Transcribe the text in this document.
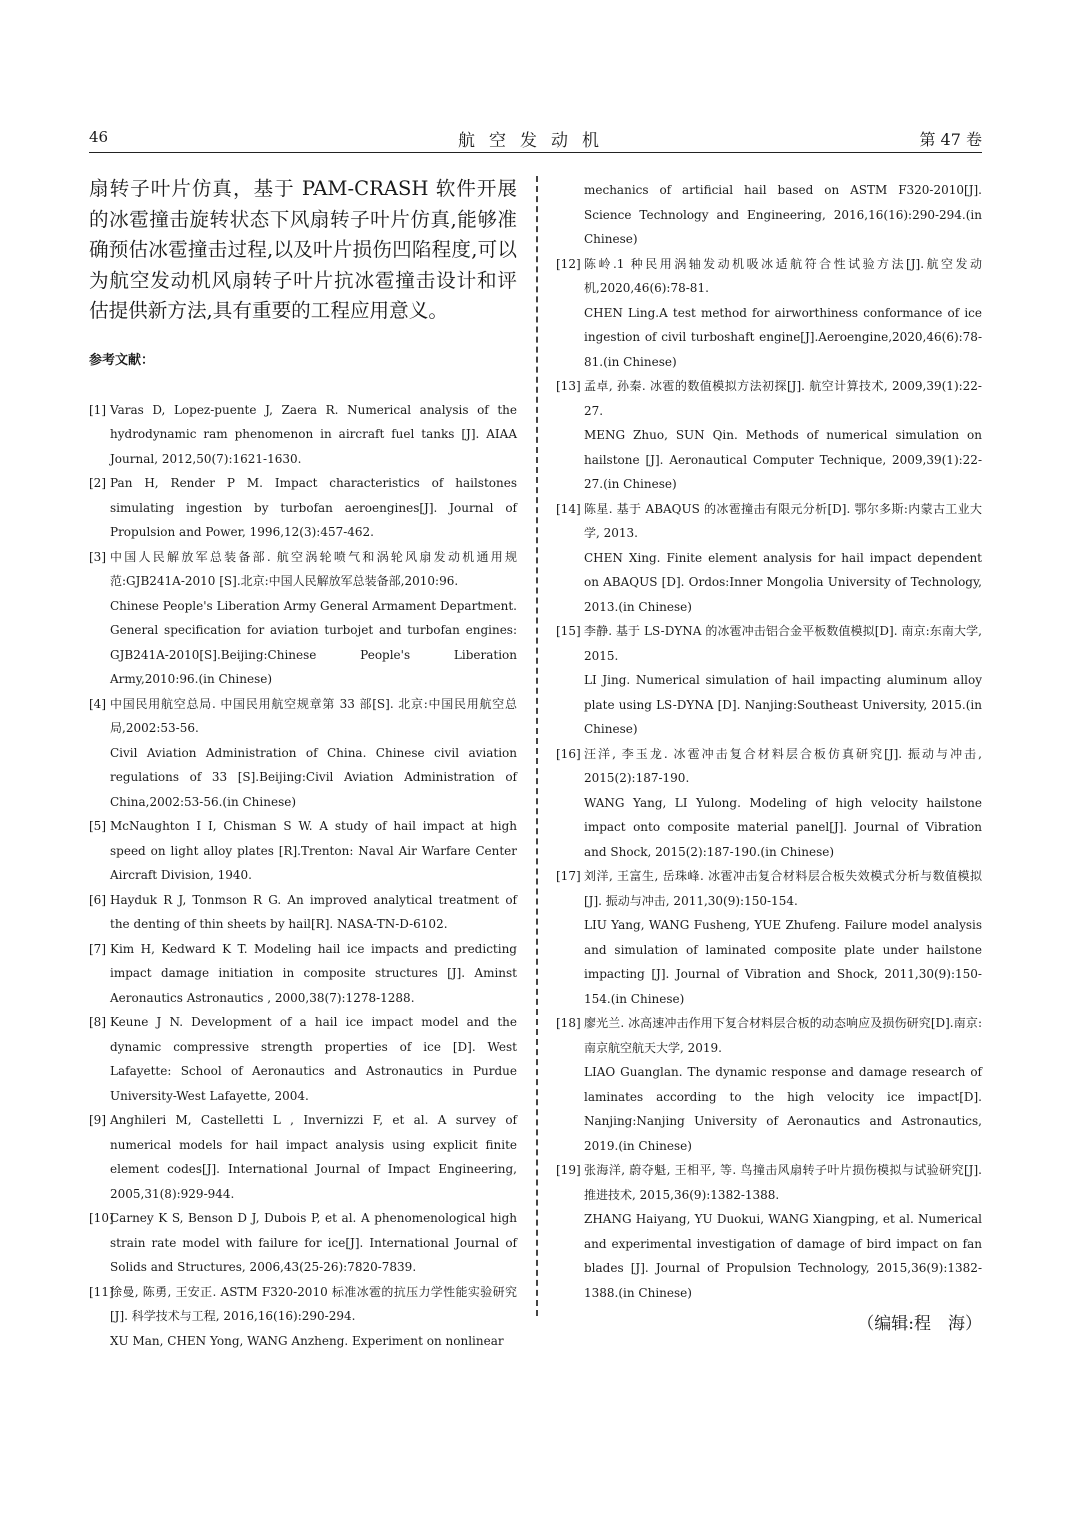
46	航空发动机	第 47 卷

扇转子叶片仿真，基于 PAM-CRASH 软件开展的冰雹撞击旋转状态下风扇转子叶片仿真,能够准确预估冰雹撞击过程,以及叶片损伤凹陷程度,可以为航空发动机风扇转子叶片抗冰雹撞击设计和评估提供新方法,具有重要的工程应用意义。

参考文献：
[1] Varas D, Lopez-puente J, Zaera R. Numerical analysis of the hydrodynamic ram phenomenon in aircraft fuel tanks [J]. AIAA Journal, 2012,50(7):1621-1630.

[2] Pan H, Render P M. Impact characteristics of hailstones simulating ingestion by turbofan aeroengines[J]. Journal of Propulsion and Power, 1996,12(3):457-462.

[3] 中国人民解放军总装备部. 航空涡轮喷气和涡轮风扇发动机通用规范:GJB241A-2010 [S].北京:中国人民解放军总装备部,2010:96.

Chinese People's Liberation Army General Armament Department. General specification for aviation turbojet and turbofan engines: GJB241A-2010[S].Beijing:Chinese People's Liberation Army,2010:96.(in Chinese)

[4] 中国民用航空总局. 中国民用航空规章第 33 部[S]. 北京:中国民用航空总局,2002:53-56.

Civil Aviation Administration of China. Chinese civil aviation regulations of 33 [S].Beijing:Civil Aviation Administration of China,2002:53-56.(in Chinese)

[5] McNaughton I I, Chisman S W. A study of hail impact at high speed on light alloy plates [R].Trenton: Naval Air Warfare Center Aircraft Division, 1940.

[6] Hayduk R J, Tonmson R G. An improved analytical treatment of the denting of thin sheets by hail[R]. NASA-TN-D-6102.

[7] Kim H, Kedward K T. Modeling hail ice impacts and predicting impact damage initiation in composite structures [J]. Aminst Aeronautics Astronautics , 2000,38(7):1278-1288.

[8] Keune J N. Development of a hail ice impact model and the dynamic compressive strength properties of ice [D]. West Lafayette: School of Aeronautics and Astronautics in Purdue University-West Lafayette, 2004.

[9] Anghileri M, Castelletti L , Invernizzi F, et al. A survey of numerical models for hail impact analysis using explicit finite element codes[J]. International Journal of Impact Engineering, 2005,31(8):929-944.

[10]

Carney K S, Benson D J, Dubois P, et al. A phenomenological high strain rate model with failure for ice[J]. International Journal of Solids and Structures, 2006,43(25-26):7820-7839.

[11]

徐曼, 陈勇, 王安正. ASTM F320-2010 标准冰雹的抗压力学性能实验研究[J]. 科学技术与工程, 2016,16(16):290-294.

XU Man, CHEN Yong, WANG Anzheng. Experiment on nonlinear

mechanics of artificial hail based on ASTM F320-2010[J]. Science Technology and Engineering, 2016,16(16):290-294.(in Chinese)

[12] 陈岭.1 种民用涡轴发动机吸冰适航符合性试验方法[J].航空发动机,2020,46(6):78-81.

CHEN Ling.A test method for airworthiness conformance of ice ingestion of civil turboshaft engine[J].Aeroengine,2020,46(6):78-81.(in Chinese)

[13] 孟卓, 孙秦. 冰雹的数值模拟方法初探[J]. 航空计算技术, 2009,39(1):22-27.

MENG Zhuo, SUN Qin. Methods of numerical simulation on hailstone [J]. Aeronautical Computer Technique, 2009,39(1):22-27.(in Chinese)

[14] 陈星. 基于 ABAQUS 的冰雹撞击有限元分析[D]. 鄂尔多斯:内蒙古工业大学, 2013.

CHEN Xing. Finite element analysis for hail impact dependent on ABAQUS [D]. Ordos:Inner Mongolia University of Technology, 2013.(in Chinese)

[15] 李静. 基于 LS-DYNA 的冰雹冲击铝合金平板数值模拟[D]. 南京:东南大学, 2015.

LI Jing. Numerical simulation of hail impacting aluminum alloy plate using LS-DYNA [D]. Nanjing:Southeast University, 2015.(in Chinese)

[16] 汪洋, 李玉龙. 冰雹冲击复合材料层合板仿真研究[J]. 振动与冲击, 2015(2):187-190.

WANG Yang, LI Yulong. Modeling of high velocity hailstone impact onto composite material panel[J]. Journal of Vibration and Shock, 2015(2):187-190.(in Chinese)

[17] 刘洋, 王富生, 岳珠峰. 冰雹冲击复合材料层合板失效模式分析与数值模拟[J]. 振动与冲击, 2011,30(9):150-154.

LIU Yang, WANG Fusheng, YUE Zhufeng. Failure model analysis and simulation of laminated composite plate under hailstone impacting [J]. Journal of Vibration and Shock, 2011,30(9):150-154.(in Chinese)

[18] 廖光兰. 冰高速冲击作用下复合材料层合板的动态响应及损伤研究[D].南京:南京航空航天大学, 2019.

LIAO Guanglan. The dynamic response and damage research of laminates according to the high velocity ice impact[D]. Nanjing:Nanjing University of Aeronautics and Astronautics, 2019.(in Chinese)

[19] 张海洋, 蔚夺魁, 王相平, 等. 鸟撞击风扇转子叶片损伤模拟与试验研究[J]. 推进技术, 2015,36(9):1382-1388.

ZHANG Haiyang, YU Duokui, WANG Xiangping, et al. Numerical and experimental investigation of damage of bird impact on fan blades [J]. Journal of Propulsion Technology, 2015,36(9):1382-1388.(in Chinese)

（编辑:程　海）
